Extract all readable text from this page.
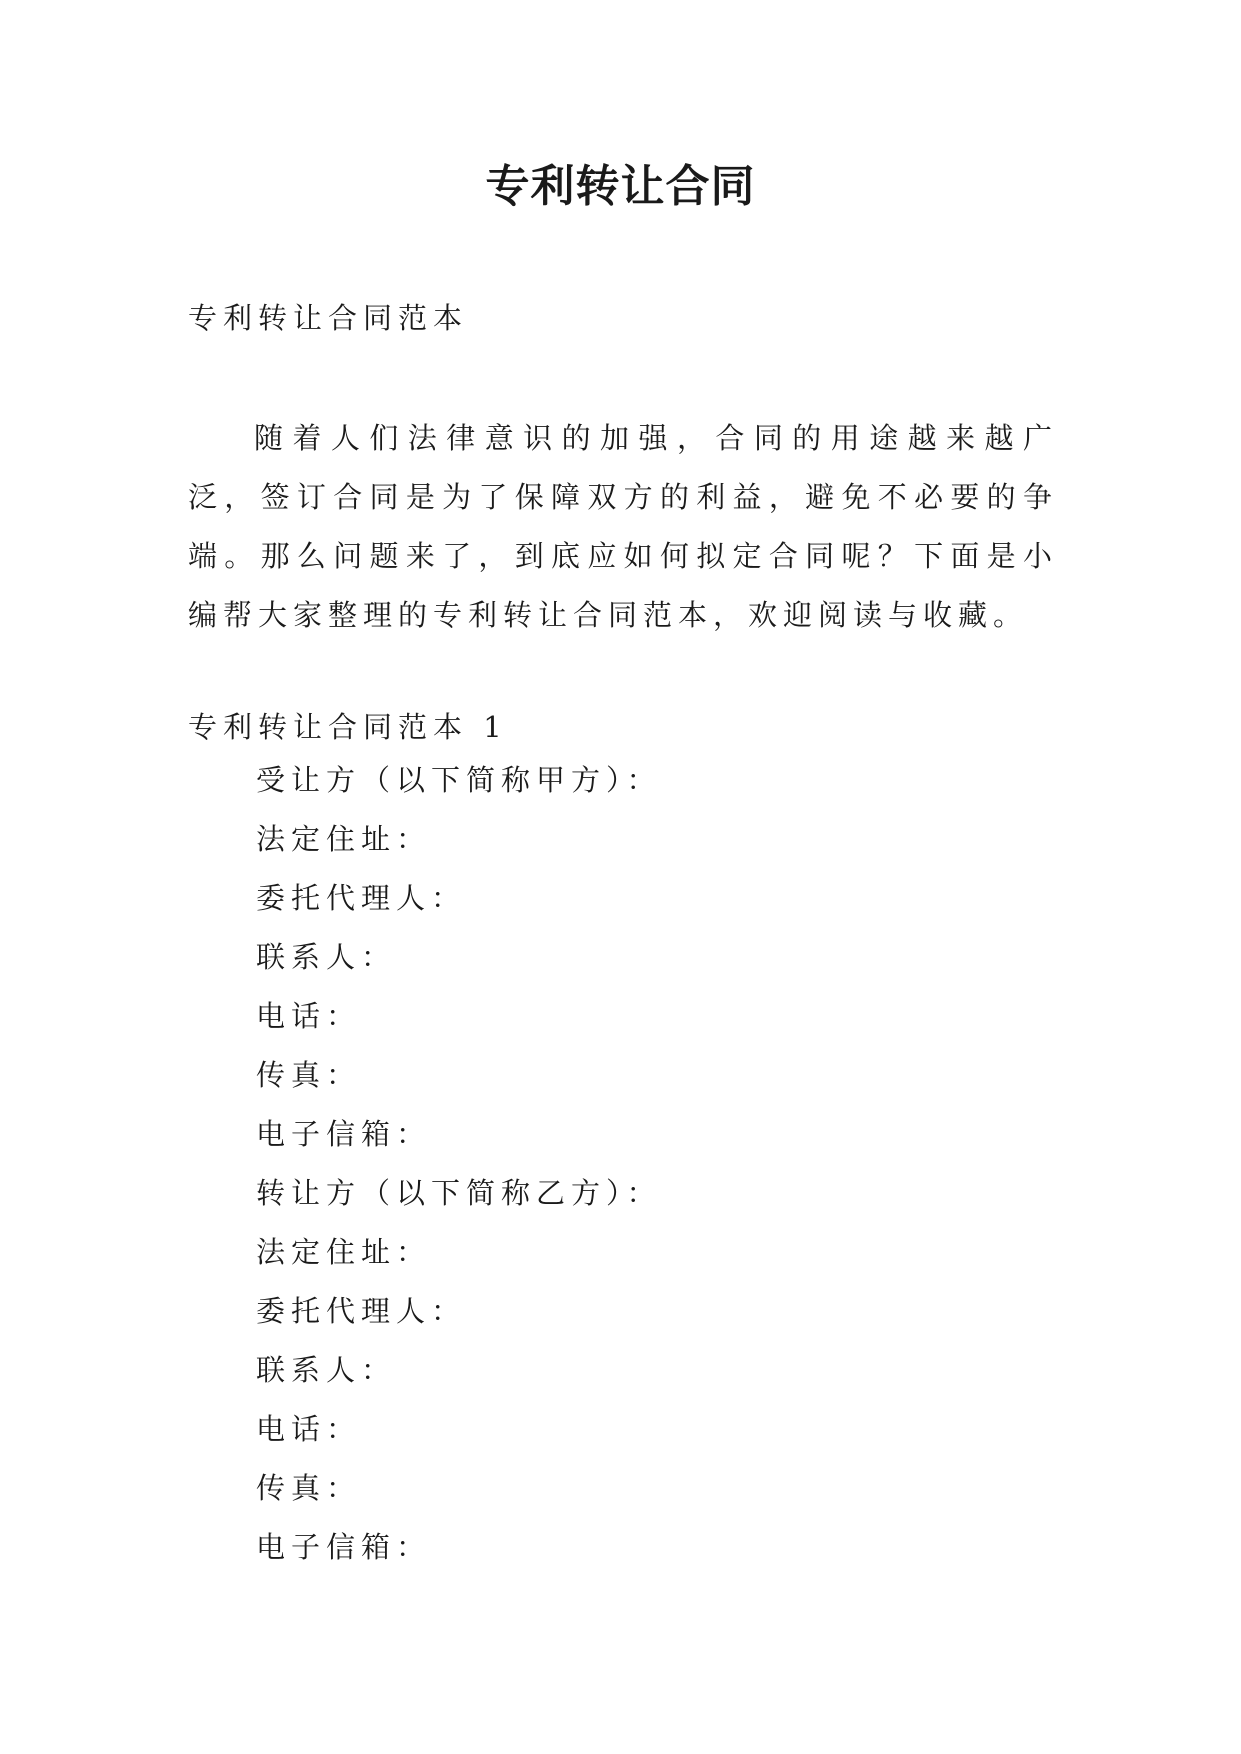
专利转让合同
专利转让合同范本

随着人们法律意识的加强，合同的用途越来越广泛，签订合同是为了保障双方的利益，避免不必要的争端。那么问题来了，到底应如何拟定合同呢？下面是小编帮大家整理的专利转让合同范本，欢迎阅读与收藏。

专利转让合同范本 1
受让方（以下简称甲方）：
法定住址：
委托代理人：
联系人：
电话：
传真：
电子信箱：
转让方（以下简称乙方）：
法定住址：
委托代理人：
联系人：
电话：
传真：
电子信箱：
